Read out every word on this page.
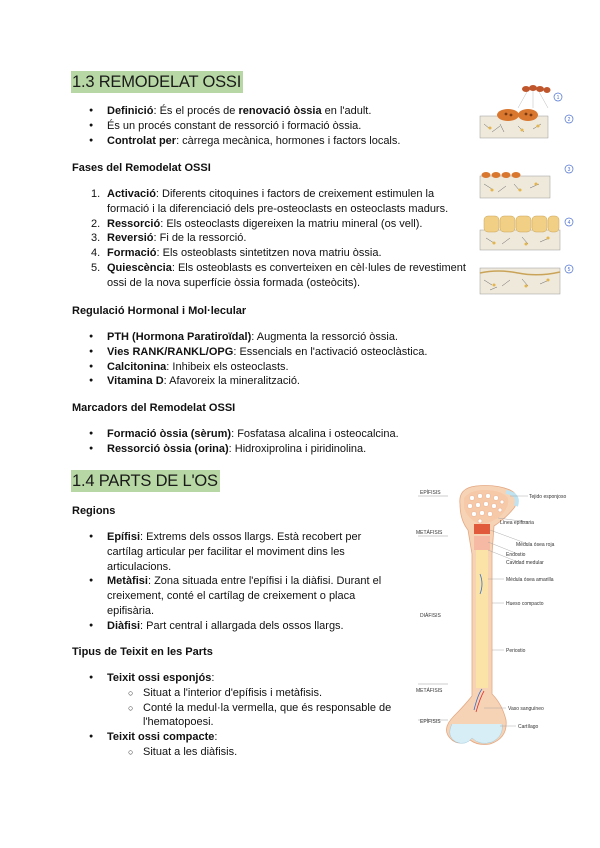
1.3 REMODELAT OSSI
● Definició: És el procés de renovació òssia en l'adult.
● És un procés constant de ressorció i formació òssia.
● Controlat per: càrrega mecànica, hormones i factors locals.
Fases del Remodelat OSSI
1. Activació: Diferents citoquines i factors de creixement estimulen la formació i la diferenciació dels pre-osteoclasts en osteoclasts madurs.
2. Ressorció: Els osteoclasts digereixen la matriu mineral (os vell).
3. Reversió: Fi de la ressorció.
4. Formació: Els osteoblasts sintetitzen nova matriu òssia.
5. Quiescència: Els osteoblasts es converteixen en cèl·lules de revestiment ossi de la nova superfície òssia formada (osteòcits).
Regulació Hormonal i Mol·lecular
● PTH (Hormona Paratiroïdal): Augmenta la ressorció òssia.
● Vies RANK/RANKL/OPG: Essencials en l'activació osteoclàstica.
● Calcitonina: Inhibeix els osteoclasts.
● Vitamina D: Afavoreix la mineralització.
Marcadors del Remodelat OSSI
● Formació òssia (sèrum): Fosfatasa alcalina i osteocalcina.
● Ressorció òssia (orina): Hidroxiprolina i piridinolina.
1
2
3
4
5
1.4 PARTS DE L'OS
Regions
● Epífisi: Extrems dels ossos llargs. Està recobert per cartílag articular per facilitar el moviment dins les articulacions.
● Metàfisi: Zona situada entre l'epífisi i la diàfisi. Durant el creixement, conté el cartílag de creixement o placa epifisària.
● Diàfisi: Part central i allargada dels ossos llargs.
Tipus de Teixit en les Parts
● Teixit ossi esponjós:
○ Situat a l'interior d'epífisis i metàfisis.
○ Conté la medul·la vermella, que és responsable de l'hematopoesi.
● Teixit ossi compacte:
○ Situat a les diàfisis.
EPÍFISIS
METÁFISIS
DIÁFISIS
METÁFISIS
EPÍFISIS
Tejido esponjoso
Línea epifisaria
Médula ósea roja
Endostio
Cavidad medular
Médula ósea amarilla
Hueso compacto
Periostio
Vaso sanguíneo
Cartílago
